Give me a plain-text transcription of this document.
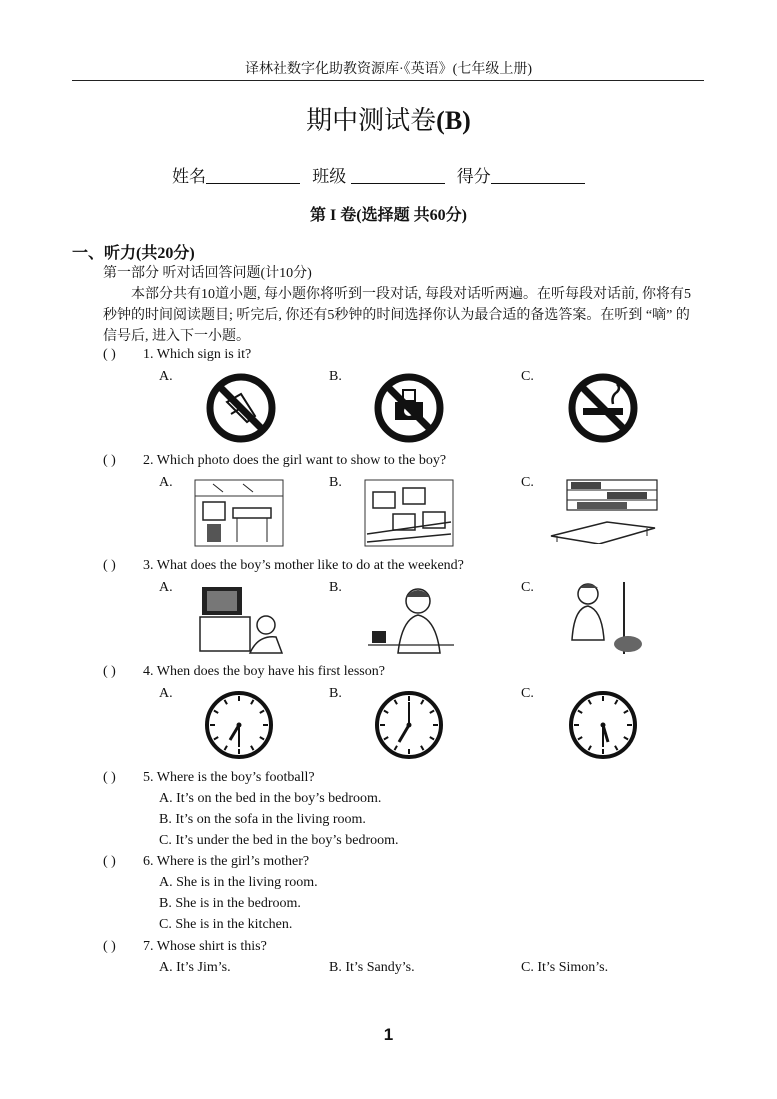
译林社数字化助教资源库·《英语》(七年级上册)
期中测试卷(B)
姓名	班级	得分
第 I 卷(选择题 共60分)
一、听力(共20分)
第一部分 听对话回答问题(计10分)
本部分共有10道小题, 每小题你将听到一段对话, 每段对话听两遍。在听每段对话前, 你将有5秒钟的时间阅读题目; 听完后, 你还有5秒钟的时间选择你认为最合适的备选答案。在听到 “嘀” 的信号后, 进入下一小题。
( ) 1. Which sign is it?
A.	B.	C.
( ) 2. Which photo does the girl want to show to the boy?
A.	B.	C.
( ) 3. What does the boy’s mother like to do at the weekend?
A.	B.	C.
( ) 4. When does the boy have his first lesson?
A.	B.	C.
( ) 5. Where is the boy’s football?
A. It’s on the bed in the boy’s bedroom.
B. It’s on the sofa in the living room.
C. It’s under the bed in the boy’s bedroom.
( ) 6. Where is the girl’s mother?
A. She is in the living room.
B. She is in the bedroom.
C. She is in the kitchen.
( ) 7. Whose shirt is this?
A. It’s Jim’s.	B. It’s Sandy’s.	C. It’s Simon’s.
1
